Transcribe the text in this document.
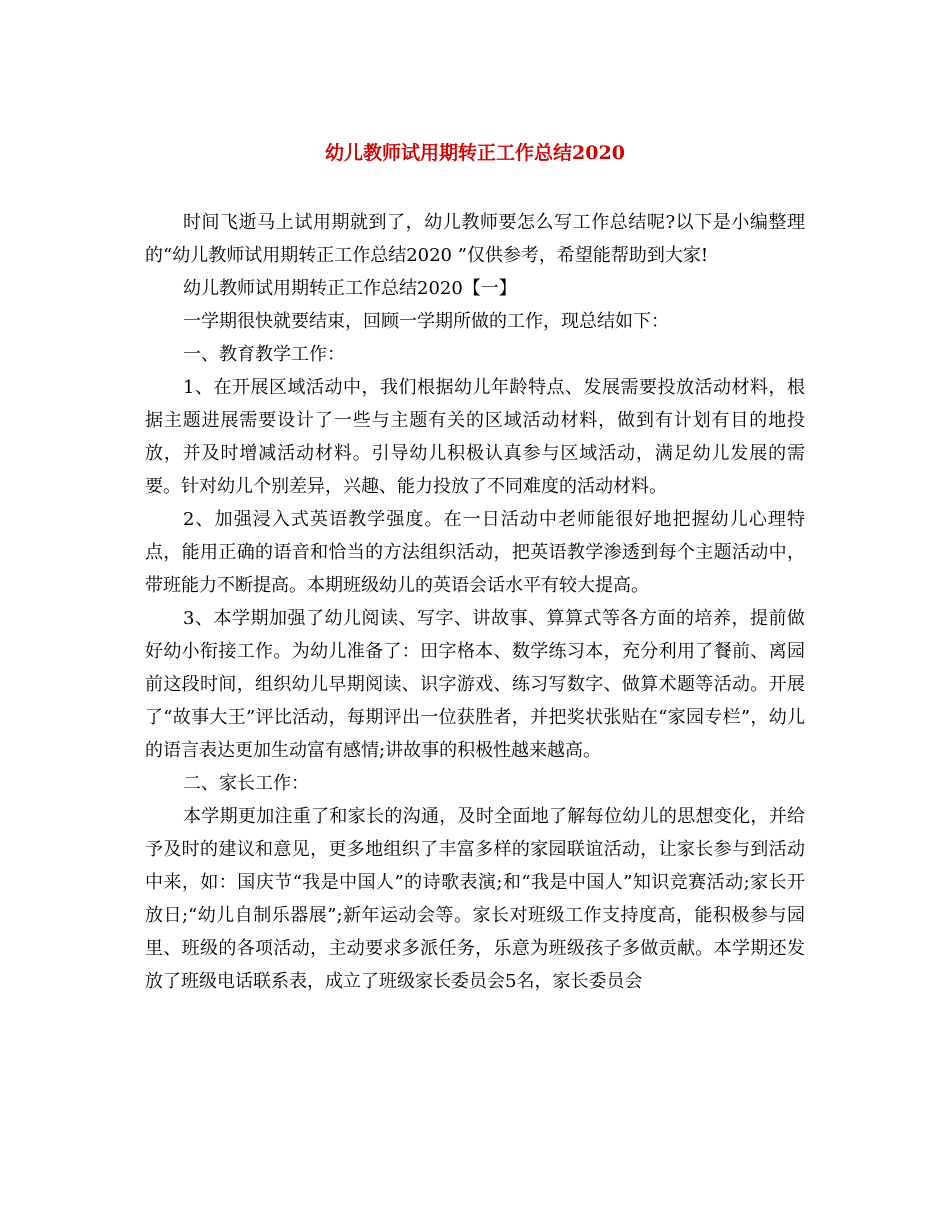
幼儿教师试用期转正工作总结2020

时间飞逝马上试用期就到了，幼儿教师要怎么写工作总结呢?以下是小编整理的“幼儿教师试用期转正工作总结2020 ”仅供参考，希望能帮助到大家!

幼儿教师试用期转正工作总结2020【一】

一学期很快就要结束，回顾一学期所做的工作，现总结如下：

一、教育教学工作：

1、在开展区域活动中，我们根据幼儿年龄特点、发展需要投放活动材料，根据主题进展需要设计了一些与主题有关的区域活动材料，做到有计划有目的地投放，并及时增减活动材料。引导幼儿积极认真参与区域活动，满足幼儿发展的需要。针对幼儿个别差异，兴趣、能力投放了不同难度的活动材料。

2、加强浸入式英语教学强度。在一日活动中老师能很好地把握幼儿心理特点，能用正确的语音和恰当的方法组织活动，把英语教学渗透到每个主题活动中，带班能力不断提高。本期班级幼儿的英语会话水平有较大提高。

3、本学期加强了幼儿阅读、写字、讲故事、算算式等各方面的培养，提前做好幼小衔接工作。为幼儿准备了：田字格本、数学练习本，充分利用了餐前、离园前这段时间，组织幼儿早期阅读、识字游戏、练习写数字、做算术题等活动。开展了“故事大王”评比活动，每期评出一位获胜者，并把奖状张贴在“家园专栏”，幼儿的语言表达更加生动富有感情;讲故事的积极性越来越高。

二、家长工作：

本学期更加注重了和家长的沟通，及时全面地了解每位幼儿的思想变化，并给予及时的建议和意见，更多地组织了丰富多样的家园联谊活动，让家长参与到活动中来，如：国庆节“我是中国人”的诗歌表演;和“我是中国人”知识竞赛活动;家长开放日;“幼儿自制乐器展”;新年运动会等。家长对班级工作支持度高，能积极参与园里、班级的各项活动，主动要求多派任务，乐意为班级孩子多做贡献。本学期还发放了班级电话联系表，成立了班级家长委员会5名，家长委员会
